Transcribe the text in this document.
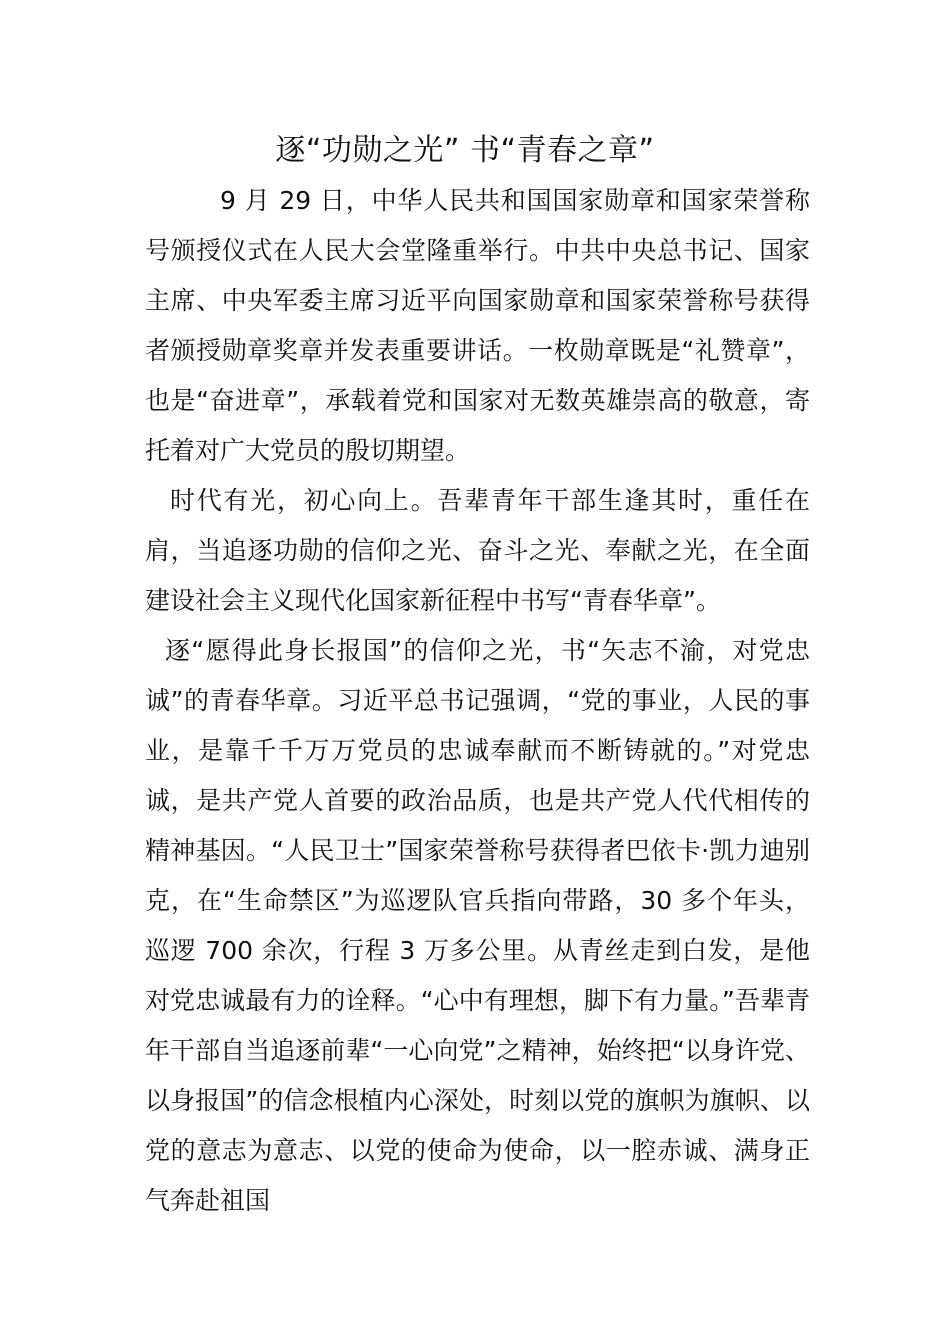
逐“功勋之光” 书“青春之章”

9 月 29 日，中华人民共和国国家勋章和国家荣誉称号颁授仪式在人民大会堂隆重举行。中共中央总书记、国家主席、中央军委主席习近平向国家勋章和国家荣誉称号获得者颁授勋章奖章并发表重要讲话。一枚勋章既是“礼赞章”，也是“奋进章”，承载着党和国家对无数英雄崇高的敬意，寄托着对广大党员的殷切期望。

时代有光，初心向上。吾辈青年干部生逢其时，重任在肩，当追逐功勋的信仰之光、奋斗之光、奉献之光，在全面建设社会主义现代化国家新征程中书写“青春华章”。

逐“愿得此身长报国”的信仰之光，书“矢志不渝，对党忠诚”的青春华章。习近平总书记强调，“党的事业，人民的事业，是靠千千万万党员的忠诚奉献而不断铸就的。”对党忠诚，是共产党人首要的政治品质，也是共产党人代代相传的精神基因。“人民卫士”国家荣誉称号获得者巴依卡·凯力迪别克，在“生命禁区”为巡逻队官兵指向带路，30 多个年头，巡逻 700 余次，行程 3 万多公里。从青丝走到白发，是他对党忠诚最有力的诠释。“心中有理想，脚下有力量。”吾辈青年干部自当追逐前辈“一心向党”之精神，始终把“以身许党、以身报国”的信念根植内心深处，时刻以党的旗帜为旗帜、以党的意志为意志、以党的使命为使命，以一腔赤诚、满身正气奔赴祖国
